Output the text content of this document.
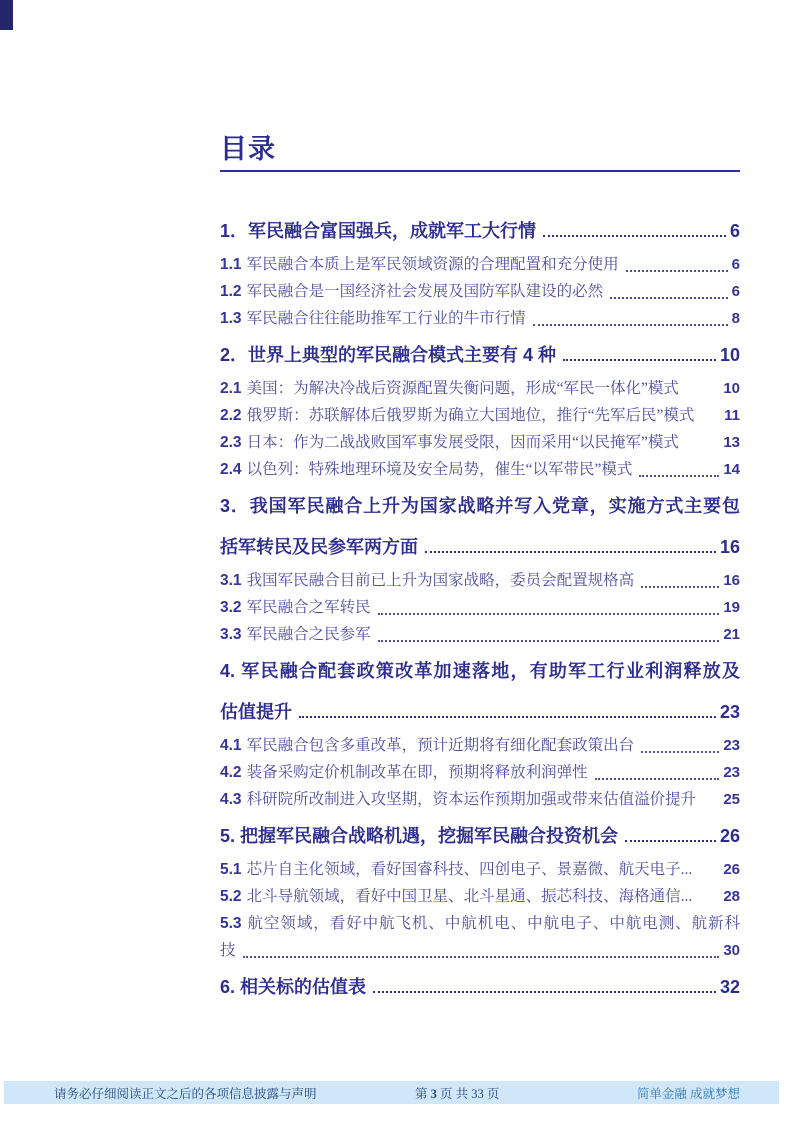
目录
1．军民融合富国强兵，成就军工大行情	6
1.1 军民融合本质上是军民领域资源的合理配置和充分使用	6
1.2 军民融合是一国经济社会发展及国防军队建设的必然	6
1.3 军民融合往往能助推军工行业的牛市行情	8
2．世界上典型的军民融合模式主要有 4 种	10
2.1 美国：为解决冷战后资源配置失衡问题，形成“军民一体化”模式	10
2.2 俄罗斯：苏联解体后俄罗斯为确立大国地位，推行“先军后民”模式 11
2.3 日本：作为二战战败国军事发展受限，因而采用“以民掩军”模式	13
2.4 以色列：特殊地理环境及安全局势，催生“以军带民”模式	14
3．我国军民融合上升为国家战略并写入党章，实施方式主要包
括军转民及民参军两方面	16
3.1 我国军民融合目前已上升为国家战略，委员会配置规格高	16
3.2 军民融合之军转民	19
3.3 军民融合之民参军	21
4. 军民融合配套政策改革加速落地，有助军工行业利润释放及
估值提升	23
4.1 军民融合包含多重改革，预计近期将有细化配套政策出台	23
4.2 装备采购定价机制改革在即，预期将释放利润弹性	23
4.3 科研院所改制进入攻坚期，资本运作预期加强或带来估值溢价提升 25
5. 把握军民融合战略机遇，挖掘军民融合投资机会	26
5.1 芯片自主化领域，看好国睿科技、四创电子、景嘉微、航天电子... 26
5.2 北斗导航领域，看好中国卫星、北斗星通、振芯科技、海格通信... 28
5.3 航空领域，看好中航飞机、中航机电、中航电子、中航电测、航新科
技	30
6. 相关标的估值表	32
请务必仔细阅读正文之后的各项信息披露与声明	第 3 页 共 33 页	简单金融 成就梦想
